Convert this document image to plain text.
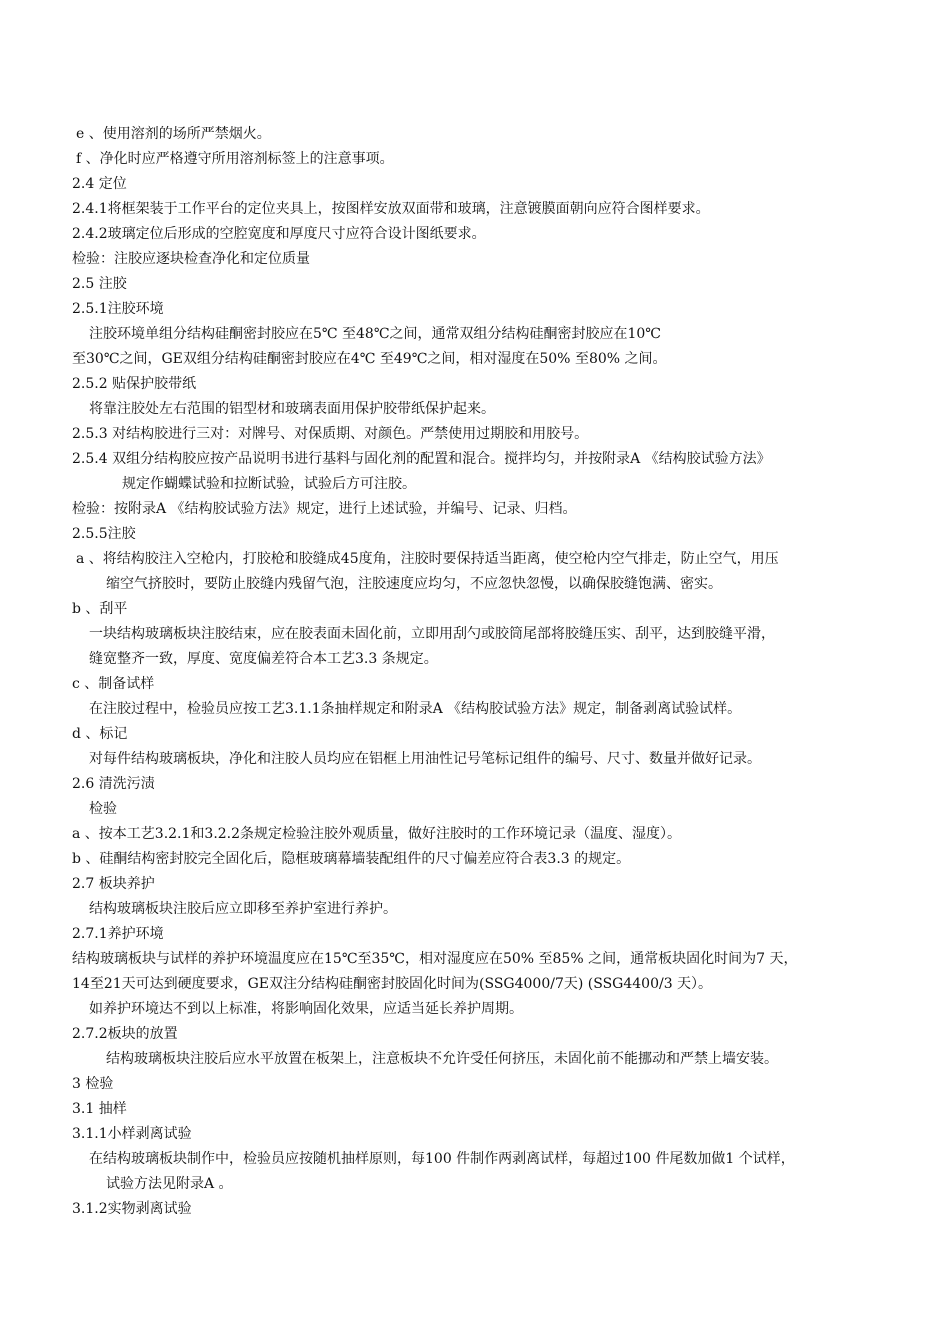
e 、使用溶剂的场所严禁烟火。
f 、净化时应严格遵守所用溶剂标签上的注意事项。
2.4 定位
2.4.1将框架装于工作平台的定位夹具上，按图样安放双面带和玻璃，注意镀膜面朝向应符合图样要求。
2.4.2玻璃定位后形成的空腔宽度和厚度尺寸应符合设计图纸要求。
检验：注胶应逐块检查净化和定位质量
2.5 注胶
2.5.1注胶环境
注胶环境单组分结构硅酮密封胶应在5℃ 至48℃之间，通常双组分结构硅酮密封胶应在10℃
至30℃之间，GE双组分结构硅酮密封胶应在4℃ 至49℃之间，相对湿度在50% 至80% 之间。
2.5.2 贴保护胶带纸
将靠注胶处左右范围的铝型材和玻璃表面用保护胶带纸保护起来。
2.5.3 对结构胶进行三对：对牌号、对保质期、对颜色。严禁使用过期胶和用胶号。
2.5.4 双组分结构胶应按产品说明书进行基料与固化剂的配置和混合。搅拌均匀，并按附录A 《结构胶试验方法》
规定作蝴蝶试验和拉断试验，试验后方可注胶。
检验：按附录A 《结构胶试验方法》规定，进行上述试验，并编号、记录、归档。
2.5.5注胶
a 、将结构胶注入空枪内，打胶枪和胶缝成45度角，注胶时要保持适当距离，使空枪内空气排走，防止空气，用压
缩空气挤胶时，要防止胶缝内残留气泡，注胶速度应均匀，不应忽快忽慢，以确保胶缝饱满、密实。
b 、刮平
一块结构玻璃板块注胶结束，应在胶表面未固化前，立即用刮勺或胶筒尾部将胶缝压实、刮平，达到胶缝平滑，
缝宽整齐一致，厚度、宽度偏差符合本工艺3.3 条规定。
c 、制备试样
在注胶过程中，检验员应按工艺3.1.1条抽样规定和附录A 《结构胶试验方法》规定，制备剥离试验试样。
d 、标记
对每件结构玻璃板块，净化和注胶人员均应在铝框上用油性记号笔标记组件的编号、尺寸、数量并做好记录。
2.6 清洗污渍
检验
a 、按本工艺3.2.1和3.2.2条规定检验注胶外观质量，做好注胶时的工作环境记录（温度、湿度）。
b 、硅酮结构密封胶完全固化后，隐框玻璃幕墙装配组件的尺寸偏差应符合表3.3 的规定。
2.7 板块养护
结构玻璃板块注胶后应立即移至养护室进行养护。
2.7.1养护环境
结构玻璃板块与试样的养护环境温度应在15℃至35℃，相对湿度应在50% 至85% 之间，通常板块固化时间为7 天，
14至21天可达到硬度要求，GE双注分结构硅酮密封胶固化时间为(SSG4000/7天) (SSG4400/3 天）。
如养护环境达不到以上标准，将影响固化效果，应适当延长养护周期。
2.7.2板块的放置
结构玻璃板块注胶后应水平放置在板架上，注意板块不允许受任何挤压，未固化前不能挪动和严禁上墙安装。
3 检验
3.1 抽样
3.1.1小样剥离试验
在结构玻璃板块制作中，检验员应按随机抽样原则，每100 件制作两剥离试样，每超过100 件尾数加做1 个试样，
试验方法见附录A 。
3.1.2实物剥离试验
